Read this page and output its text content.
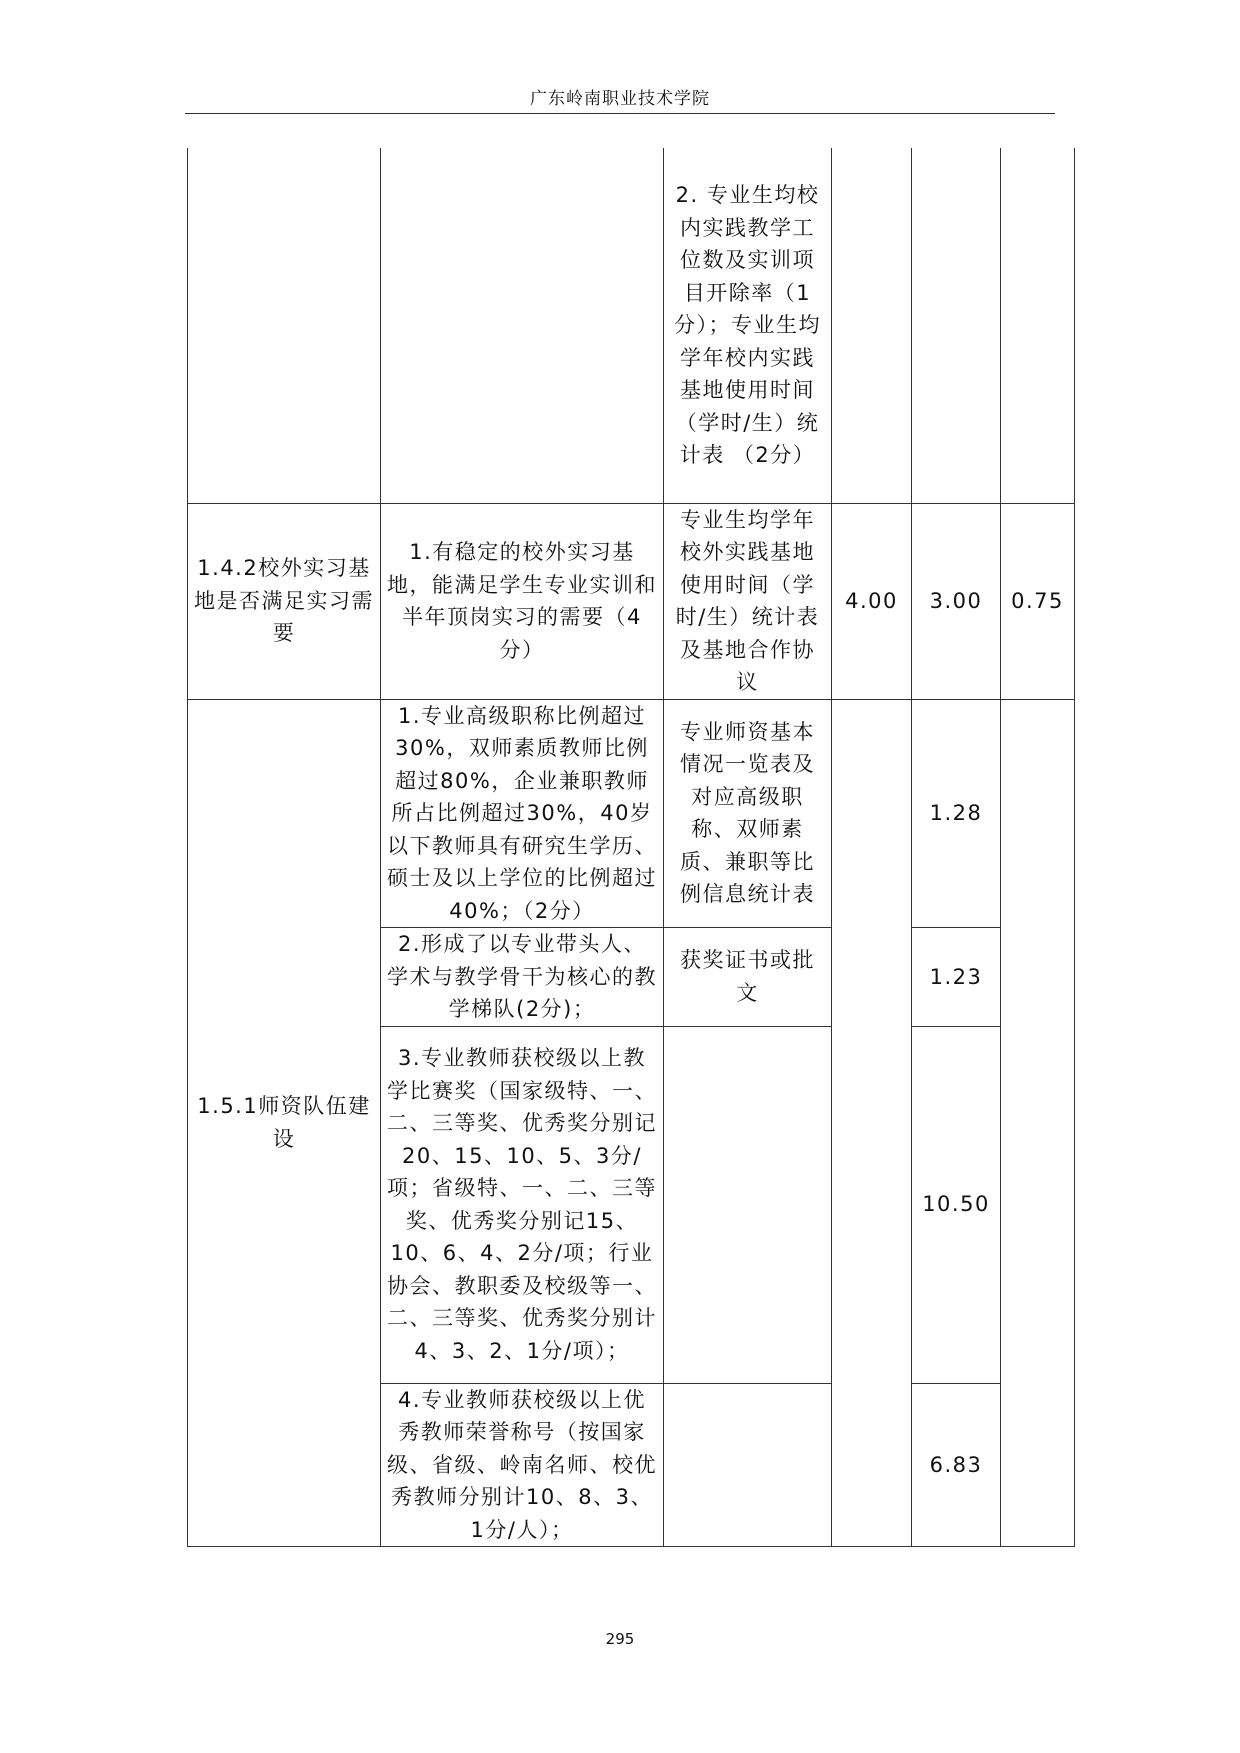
广东岭南职业技术学院
		2. 专业生均校内实践教学工位数及实训项目开除率（1分）；专业生均学年校内实践基地使用时间（学时/生）统计表 （2分）			
1.4.2校外实习基地是否满足实习需要	1.有稳定的校外实习基地，能满足学生专业实训和半年顶岗实习的需要（4分）	专业生均学年校外实践基地使用时间（学时/生）统计表及基地合作协议	4.00	3.00	0.75
1.5.1师资队伍建设	1.专业高级职称比例超过30%，双师素质教师比例超过80%，企业兼职教师所占比例超过30%，40岁以下教师具有研究生学历、硕士及以上学位的比例超过40%；（2分）	专业师资基本情况一览表及对应高级职称、双师素质、兼职等比例信息统计表		1.28	
	2.形成了以专业带头人、学术与教学骨干为核心的教学梯队(2分)；	获奖证书或批文		1.23	
	3.专业教师获校级以上教学比赛奖（国家级特、一、二、三等奖、优秀奖分别记20、15、10、5、3分/项；省级特、一、二、三等奖、优秀奖分别记15、10、6、4、2分/项；行业协会、教职委及校级等一、二、三等奖、优秀奖分别计4、3、2、1分/项）；			10.50	
	4.专业教师获校级以上优秀教师荣誉称号（按国家级、省级、岭南名师、校优秀教师分别计10、8、3、1分/人）；			6.83	
295
